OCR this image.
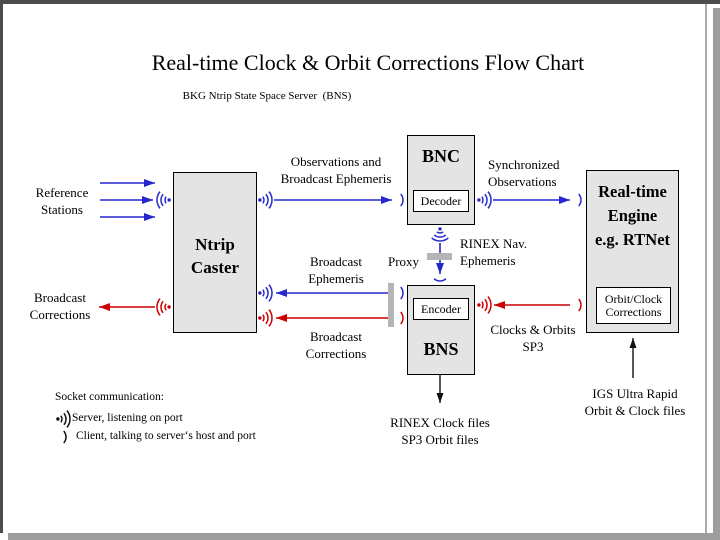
Real-time Clock & Orbit Corrections Flow Chart
BKG Ntrip State Space Server  (BNS)
Ntrip
Caster
BNC
Decoder
Encoder
BNS
Real-time
Engine
e.g. RTNet
Orbit/Clock
Corrections
Reference
Stations
Broadcast
Corrections
Observations and
Broadcast Ephemeris
Synchronized
Observations
RINEX Nav.
Ephemeris
Broadcast
Ephemeris
Proxy
Broadcast
Corrections
Clocks & Orbits
SP3
RINEX Clock files
SP3 Orbit files
IGS Ultra Rapid
Orbit & Clock files
Socket communication:
Server, listening on port
Client, talking to server‘s host and port
